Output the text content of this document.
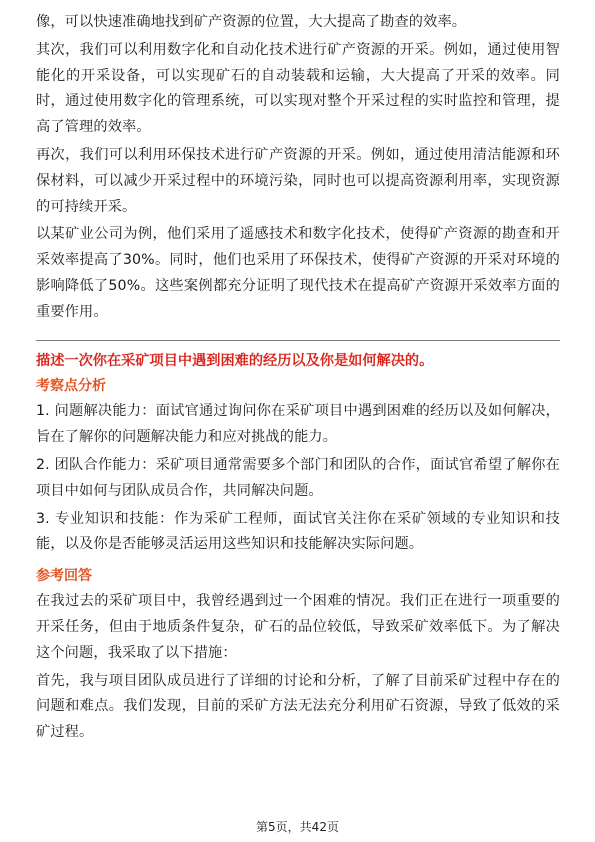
像，可以快速准确地找到矿产资源的位置，大大提高了勘查的效率。

其次，我们可以利用数字化和自动化技术进行矿产资源的开采。例如，通过使用智能化的开采设备，可以实现矿石的自动装载和运输，大大提高了开采的效率。同时，通过使用数字化的管理系统，可以实现对整个开采过程的实时监控和管理，提高了管理的效率。

再次，我们可以利用环保技术进行矿产资源的开采。例如，通过使用清洁能源和环保材料，可以减少开采过程中的环境污染，同时也可以提高资源利用率，实现资源的可持续开采。

以某矿业公司为例，他们采用了遥感技术和数字化技术，使得矿产资源的勘查和开采效率提高了30%。同时，他们也采用了环保技术，使得矿产资源的开采对环境的影响降低了50%。这些案例都充分证明了现代技术在提高矿产资源开采效率方面的重要作用。

描述一次你在采矿项目中遇到困难的经历以及你是如何解决的。

考察点分析

1. 问题解决能力：面试官通过询问你在采矿项目中遇到困难的经历以及如何解决，旨在了解你的问题解决能力和应对挑战的能力。

2. 团队合作能力：采矿项目通常需要多个部门和团队的合作，面试官希望了解你在项目中如何与团队成员合作，共同解决问题。

3. 专业知识和技能：作为采矿工程师，面试官关注你在采矿领域的专业知识和技能，以及你是否能够灵活运用这些知识和技能解决实际问题。

参考回答

在我过去的采矿项目中，我曾经遇到过一个困难的情况。我们正在进行一项重要的开采任务，但由于地质条件复杂，矿石的品位较低，导致采矿效率低下。为了解决这个问题，我采取了以下措施：

首先，我与项目团队成员进行了详细的讨论和分析，了解了目前采矿过程中存在的问题和难点。我们发现，目前的采矿方法无法充分利用矿石资源，导致了低效的采矿过程。

第5页，共42页
